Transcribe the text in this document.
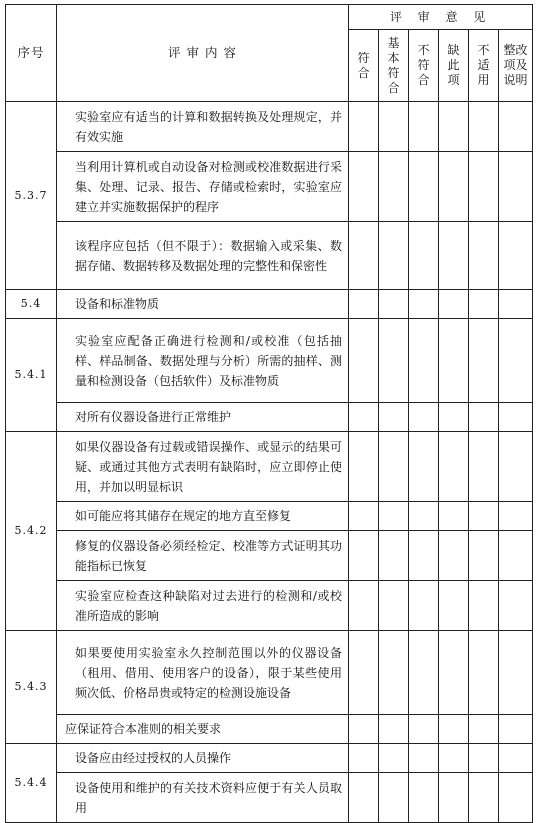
序号	评 审 内 容	评 审 意 见					
		符合	基本符合	不符合	缺此项	不适用	整改项及说明
5.3.7	实验室应有适当的计算和数据转换及处理规定，并有效实施						
	当利用计算机或自动设备对检测或校准数据进行采集、处理、记录、报告、存储或检索时，实验室应建立并实施数据保护的程序						
	该程序应包括（但不限于）：数据输入或采集、数据存储、数据转移及数据处理的完整性和保密性						
5.4	设备和标准物质						
5.4.1	实验室应配备正确进行检测和/或校准（包括抽样、样品制备、数据处理与分析）所需的抽样、测量和检测设备（包括软件）及标准物质						
	对所有仪器设备进行正常维护						
5.4.2	如果仪器设备有过载或错误操作、或显示的结果可疑、或通过其他方式表明有缺陷时，应立即停止使用，并加以明显标识						
	如可能应将其储存在规定的地方直至修复						
	修复的仪器设备必须经检定、校准等方式证明其功能指标已恢复						
	实验室应检查这种缺陷对过去进行的检测和/或校准所造成的影响						
5.4.3	如果要使用实验室永久控制范围以外的仪器设备（租用、借用、使用客户的设备），限于某些使用频次低、价格昂贵或特定的检测设施设备						
	应保证符合本准则的相关要求						
5.4.4	设备应由经过授权的人员操作						
	设备使用和维护的有关技术资料应便于有关人员取用						
